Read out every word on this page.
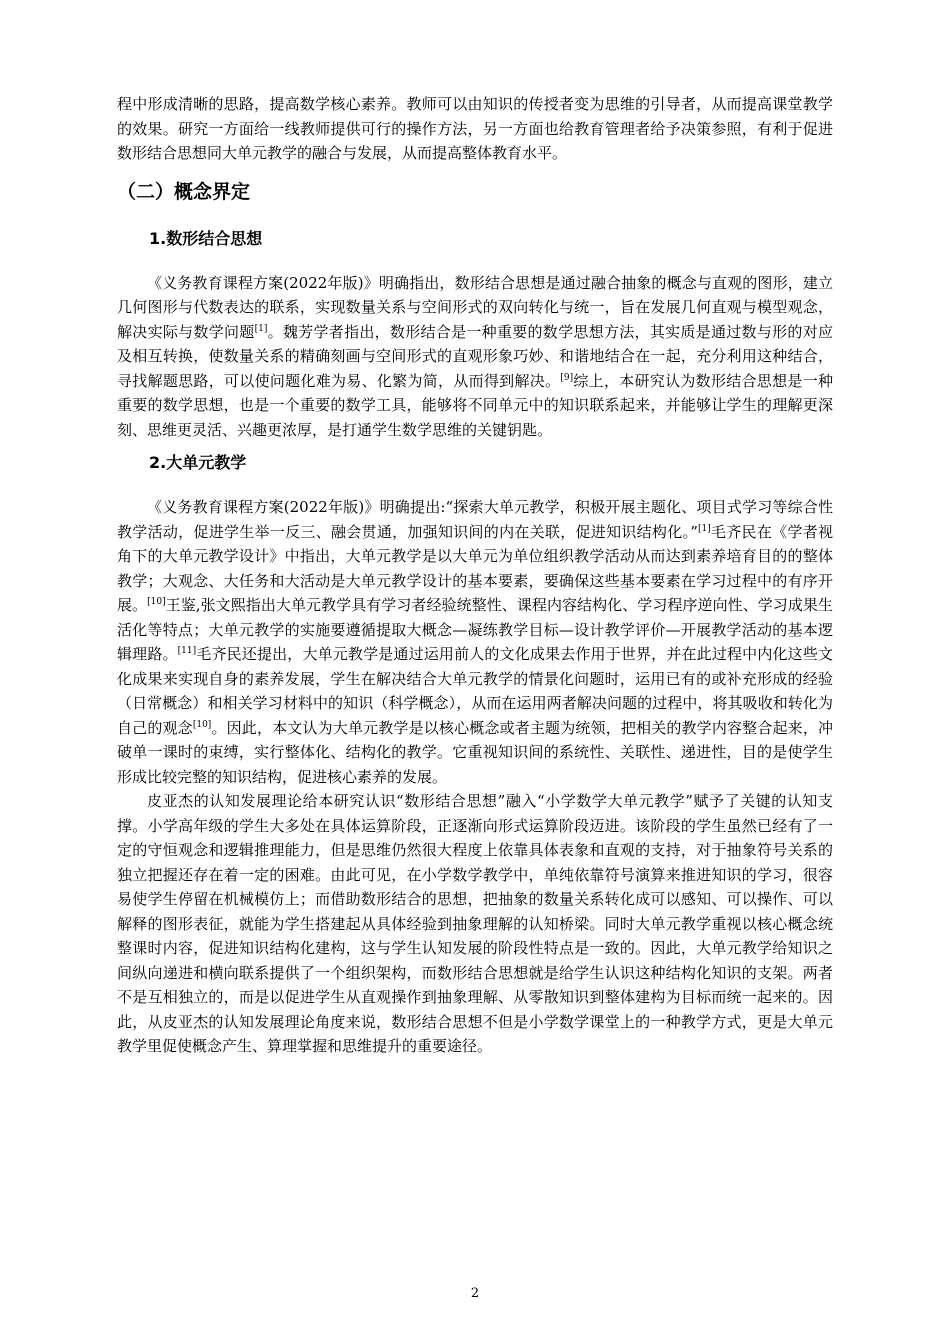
程中形成清晰的思路，提高数学核心素养。教师可以由知识的传授者变为思维的引导者，从而提高课堂教学的效果。研究一方面给一线教师提供可行的操作方法，另一方面也给教育管理者给予决策参照，有利于促进数形结合思想同大单元教学的融合与发展，从而提高整体教育水平。

（二）概念界定
1.数形结合思想

《义务教育课程方案(2022年版)》明确指出，数形结合思想是通过融合抽象的概念与直观的图形，建立几何图形与代数表达的联系，实现数量关系与空间形式的双向转化与统一，旨在发展几何直观与模型观念，解决实际与数学问题[1]。魏芳学者指出，数形结合是一种重要的数学思想方法，其实质是通过数与形的对应及相互转换，使数量关系的精确刻画与空间形式的直观形象巧妙、和谐地结合在一起，充分利用这种结合，寻找解题思路，可以使问题化难为易、化繁为简，从而得到解决。[9]综上，本研究认为数形结合思想是一种重要的数学思想，也是一个重要的数学工具，能够将不同单元中的知识联系起来，并能够让学生的理解更深刻、思维更灵活、兴趣更浓厚，是打通学生数学思维的关键钥匙。

2.大单元教学

《义务教育课程方案(2022年版)》明确提出:“探索大单元教学，积极开展主题化、项目式学习等综合性教学活动，促进学生举一反三、融会贯通，加强知识间的内在关联，促进知识结构化。”[1]毛齐民在《学者视角下的大单元教学设计》中指出，大单元教学是以大单元为单位组织教学活动从而达到素养培育目的的整体教学；大观念、大任务和大活动是大单元教学设计的基本要素，要确保这些基本要素在学习过程中的有序开展。[10]王鉴,张文熙指出大单元教学具有学习者经验统整性、课程内容结构化、学习程序逆向性、学习成果生活化等特点；大单元教学的实施要遵循提取大概念—凝练教学目标—设计教学评价—开展教学活动的基本逻辑理路。[11]毛齐民还提出，大单元教学是通过运用前人的文化成果去作用于世界，并在此过程中内化这些文化成果来实现自身的素养发展，学生在解决结合大单元教学的情景化问题时，运用已有的或补充形成的经验（日常概念）和相关学习材料中的知识（科学概念），从而在运用两者解决问题的过程中，将其吸收和转化为自己的观念[10]。因此，本文认为大单元教学是以核心概念或者主题为统领，把相关的教学内容整合起来，冲破单一课时的束缚，实行整体化、结构化的教学。它重视知识间的系统性、关联性、递进性，目的是使学生形成比较完整的知识结构，促进核心素养的发展。

皮亚杰的认知发展理论给本研究认识“数形结合思想”融入“小学数学大单元教学”赋予了关键的认知支撑。小学高年级的学生大多处在具体运算阶段，正逐渐向形式运算阶段迈进。该阶段的学生虽然已经有了一定的守恒观念和逻辑推理能力，但是思维仍然很大程度上依靠具体表象和直观的支持，对于抽象符号关系的独立把握还存在着一定的困难。由此可见，在小学数学教学中，单纯依靠符号演算来推进知识的学习，很容易使学生停留在机械模仿上；而借助数形结合的思想，把抽象的数量关系转化成可以感知、可以操作、可以解释的图形表征，就能为学生搭建起从具体经验到抽象理解的认知桥梁。同时大单元教学重视以核心概念统整课时内容，促进知识结构化建构，这与学生认知发展的阶段性特点是一致的。因此，大单元教学给知识之间纵向递进和横向联系提供了一个组织架构，而数形结合思想就是给学生认识这种结构化知识的支架。两者不是互相独立的，而是以促进学生从直观操作到抽象理解、从零散知识到整体建构为目标而统一起来的。因此，从皮亚杰的认知发展理论角度来说，数形结合思想不但是小学数学课堂上的一种教学方式，更是大单元教学里促使概念产生、算理掌握和思维提升的重要途径。

2
